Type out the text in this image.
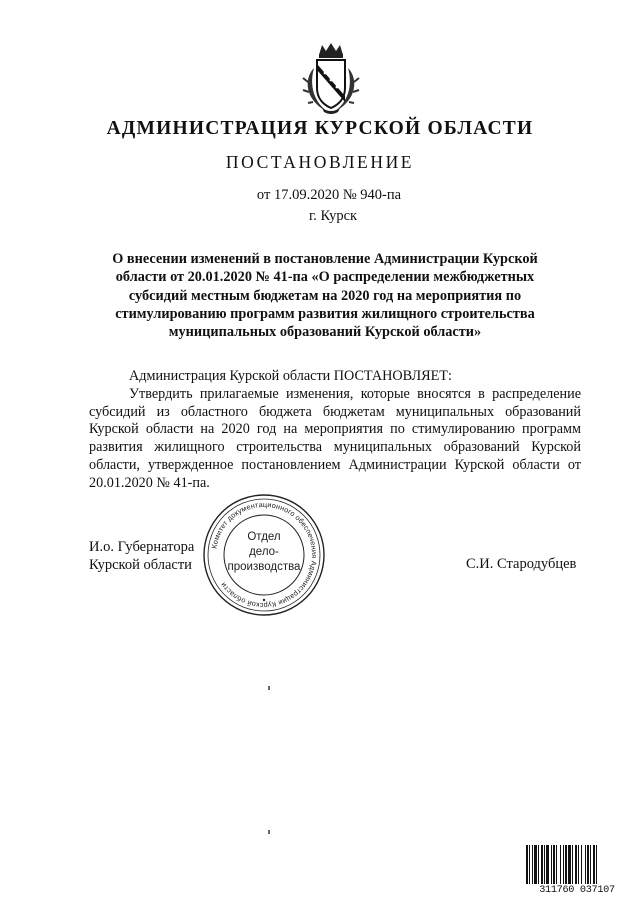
АДМИНИСТРАЦИЯ КУРСКОЙ ОБЛАСТИ
ПОСТАНОВЛЕНИЕ
от 17.09.2020 № 940-па
г. Курск
О внесении изменений в постановление Администрации Курской
области от 20.01.2020 № 41-па «О распределении межбюджетных
субсидий местным бюджетам на 2020 год на мероприятия по
стимулированию программ развития жилищного строительства
муниципальных образований Курской области»

Администрация Курской области ПОСТАНОВЛЯЕТ:

Утвердить прилагаемые изменения, которые вносятся в распределение субсидий из областного бюджета бюджетам муниципальных образований Курской области на 2020 год на мероприятия по стимулированию программ развития жилищного строительства муниципальных образований Курской области, утвержденное постановлением Администрации Курской области от 20.01.2020 № 41-па.

И.о. Губернатора
Курской области	С.И. Стародубцев
Комитет документационного обеспечения Администрации Курской области
Отдел
дело-
производства
311760 037107
